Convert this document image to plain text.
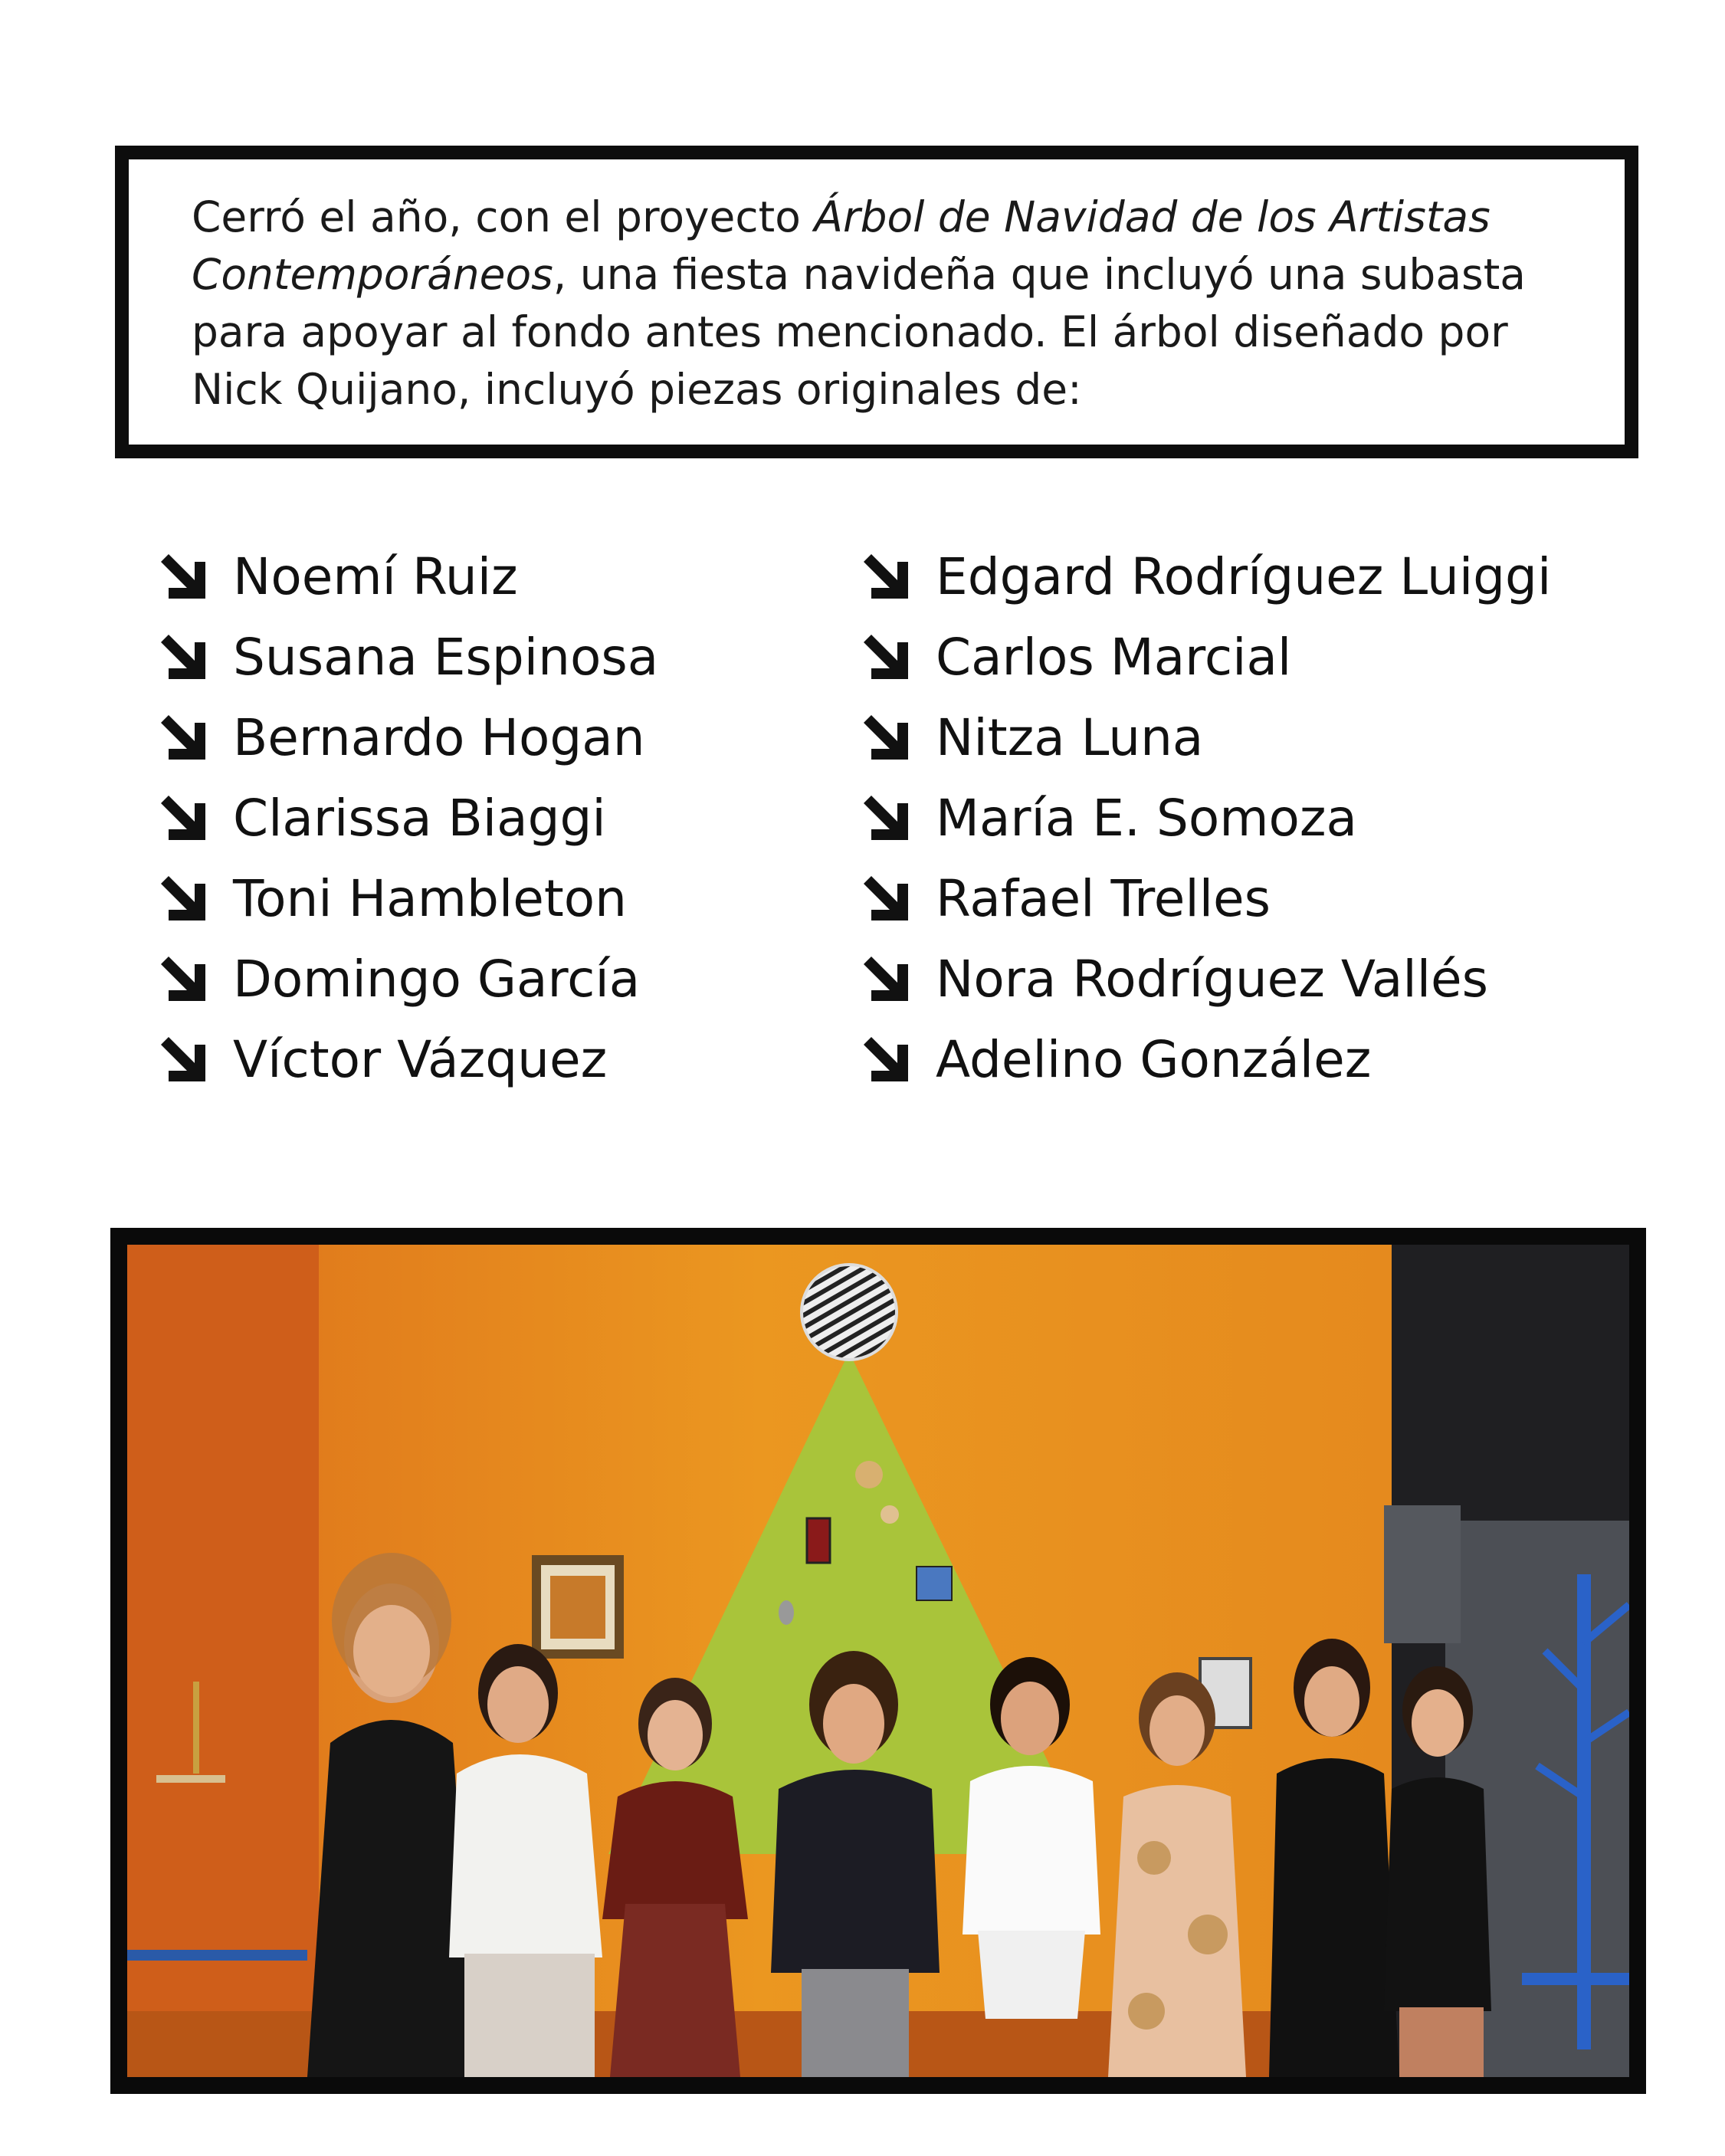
Cerró el año, con el proyecto Árbol de Navidad de los Artistas Contemporáneos, una fiesta navideña que incluyó una subasta para apoyar al fondo antes mencionado. El árbol diseñado por Nick Quijano, incluyó piezas originales de:

Noemí Ruiz
Susana Espinosa
Bernardo Hogan
Clarissa Biaggi
Toni Hambleton
Domingo García
Víctor Vázquez
Edgard Rodríguez Luiggi
Carlos Marcial
Nitza Luna
María E. Somoza
Rafael Trelles
Nora Rodríguez Vallés
Adelino González
